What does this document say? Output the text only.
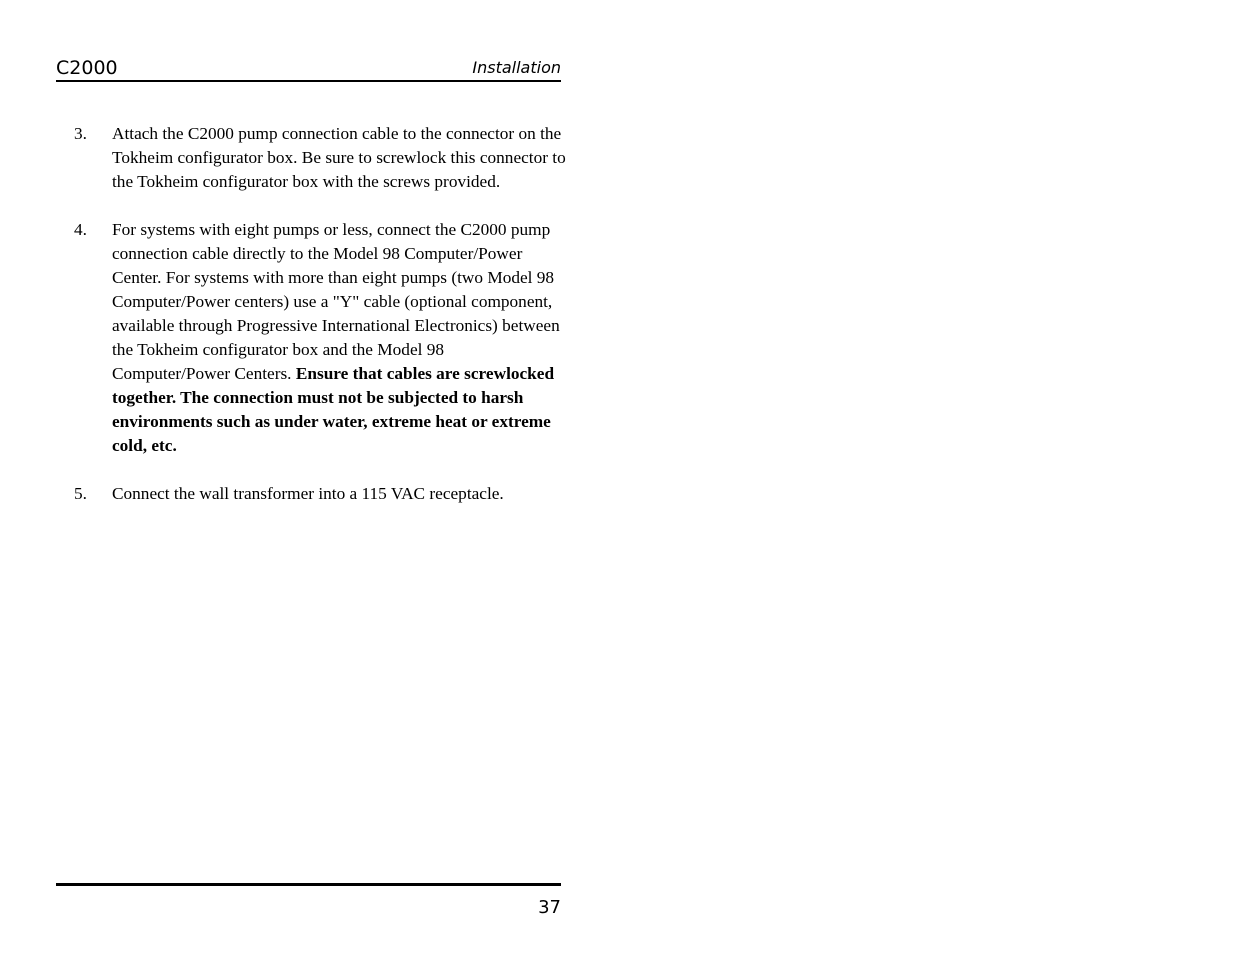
C2000	Installation
3. Attach the C2000 pump connection cable to the connector on the Tokheim configurator box. Be sure to screwlock this connector to the Tokheim configurator box with the screws provided.
4. For systems with eight pumps or less, connect the C2000 pump connection cable directly to the Model 98 Computer/Power Center. For systems with more than eight pumps (two Model 98 Computer/Power centers) use a "Y" cable (optional component, available through Progressive International Electronics) between the Tokheim configurator box and the Model 98 Computer/Power Centers. Ensure that cables are screwlocked together. The connection must not be subjected to harsh environments such as under water, extreme heat or extreme cold, etc.
5. Connect the wall transformer into a 115 VAC receptacle.
37
